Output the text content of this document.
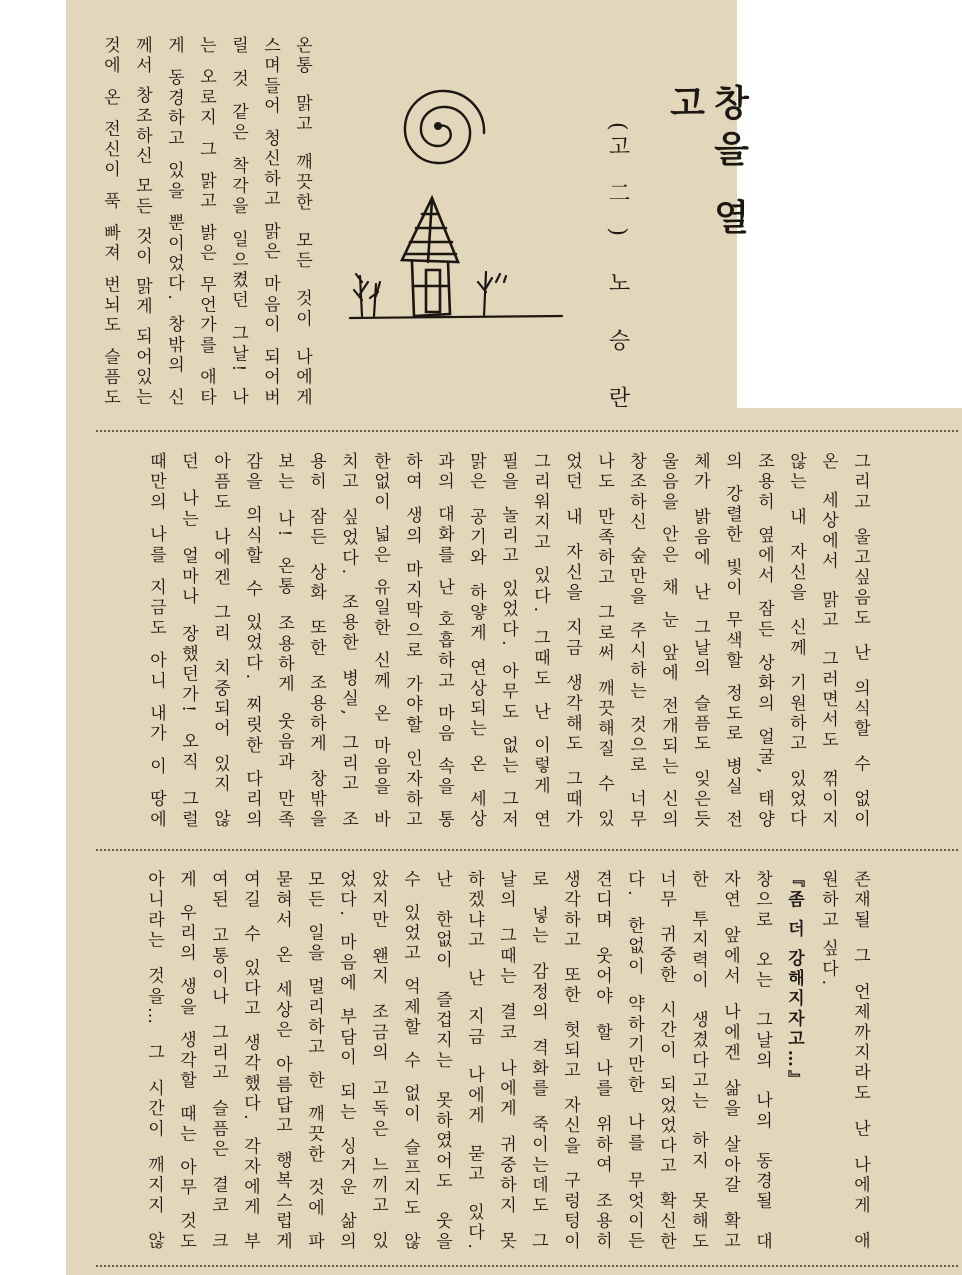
창을 열고
(고二) 노 승 란
온통 맑고 깨끗한 모든 것이 나에게
스며들어 청신하고 맑은 마음이 되어버
릴 것 같은 착각을 일으켰던 그날! 나
는 오로지 그 맑고 밝은 무언가를 애타
게 동경하고 있을 뿐이었다. 창밖의 신
께서 창조하신 모든 것이 맑게 되어있는
것에 온 전신이 푹 빠져 번뇌도 슬픔도
그리고 울고싶음도 난 의식할 수 없이
온 세상에서 맑고 그러면서도 꺾이지
않는 내 자신을 신께 기원하고 있었다
조용히 옆에서 잠든 상화의 얼굴, 태양
의 강렬한 빛이 무색할 정도로 병실 전
체가 밝음에 난 그날의 슬픔도 잊은듯
울음을 안은 채 눈 앞에 전개되는 신의
창조하신 숲만을 주시하는 것으로 너무
나도 만족하고 그로써 깨끗해질 수 있
었던 내 자신을 지금 생각해도 그때가
그리워지고 있다. 그때도 난 이렇게 연
필을 놀리고 있었다. 아무도 없는 그저
맑은 공기와 하얗게 연상되는 온 세상
과의 대화를 난 호흡하고 마음 속을 통
하여 생의 마지막으로 가야할 인자하고
한없이 넓은 유일한 신께 온 마음을 바
치고 싶었다. 조용한 병실, 그리고 조
용히 잠든 상화 또한 조용하게 창밖을
보는 나! 온통 조용하게 웃음과 만족
감을 의식할 수 있었다. 찌릿한 다리의
아픔도 나에겐 그리 치중되어 있지 않
던 나는 얼마나 장했던가! 오직 그럴
때만의 나를 지금도 아니 내가 이 땅에
존재될 그 언제까지라도 난 나에게 애
원하고 싶다.
『좀 더 강해지자고…』
창으로 오는 그날의 나의 동경될 대
자연 앞에서 나에겐 삶을 살아갈 확고
한 투지력이 생겼다고는 하지 못해도
너무 귀중한 시간이 되었었다고 확신한
다. 한없이 약하기만한 나를 무엇이든
견디며 웃어야 할 나를 위하여 조용히
생각하고 또한 헛되고 자신을 구렁텅이
로 넣는 감정의 격화를 죽이는데도 그
날의 그때는 결코 나에게 귀중하지 못
하겠냐고 난 지금 나에게 묻고 있다.
난 한없이 즐겁지는 못하였어도 웃을
수 있었고 억제할 수 없이 슬프지도 않
았지만 왠지 조금의 고독은 느끼고 있
었다. 마음에 부담이 되는 싱거운 삶의
모든 일을 멀리하고 한 깨끗한 것에 파
묻혀서 온 세상은 아름답고 행복스럽게
여길 수 있다고 생각했다. 각자에게 부
여된 고통이나 그리고 슬픔은 결코 크
게 우리의 생을 생각할 때는 아무 것도
아니라는 것을… 그 시간이 깨지지 않
